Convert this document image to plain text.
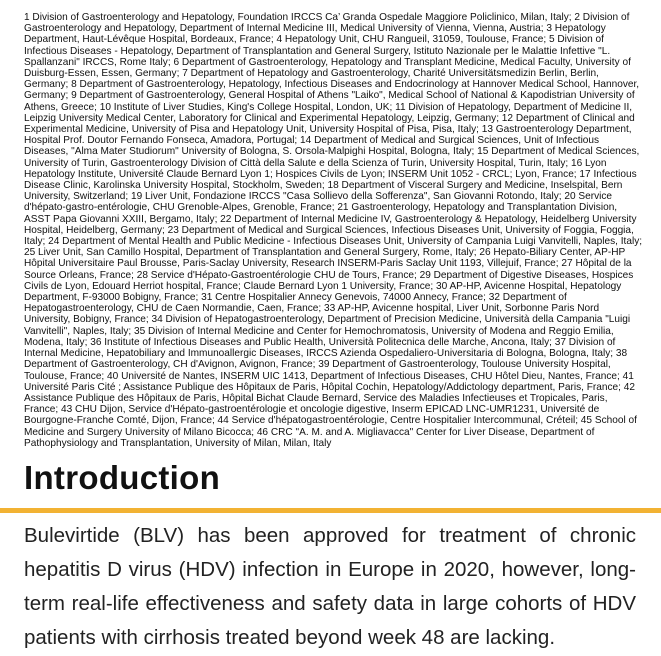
1 Division of Gastroenterology and Hepatology, Foundation IRCCS Ca’ Granda Ospedale Maggiore Policlinico, Milan, Italy; 2 Division of Gastroenterology and Hepatology, Department of Internal Medicine III, Medical University of Vienna, Vienna, Austria; 3 Hepatology Department, Haut-Lévêque Hospital, Bordeaux, France; 4 Hepatology Unit, CHU Rangueil, 31059, Toulouse, France; 5 Division of Infectious Diseases - Hepatology, Department of Transplantation and General Surgery, Istituto Nazionale per le Malattie Infettive "L. Spallanzani" IRCCS, Rome Italy; 6 Department of Gastroenterology, Hepatology and Transplant Medicine, Medical Faculty, University of Duisburg-Essen, Essen, Germany; 7 Department of Hepatology and Gastroenterology, Charité Universitätsmedizin Berlin, Berlin, Germany; 8 Department of Gastroenterology, Hepatology, Infectious Diseases and Endocrinology at Hannover Medical School, Hannover, Germany; 9 Department of Gastroenterology, General Hospital of Athens "Laiko", Medical School of National & Kapodistrian University of Athens, Greece; 10 Institute of Liver Studies, King's College Hospital, London, UK; 11 Division of Hepatology, Department of Medicine II, Leipzig University Medical Center, Laboratory for Clinical and Experimental Hepatology, Leipzig, Germany; 12 Department of Clinical and Experimental Medicine, University of Pisa and Hepatology Unit, University Hospital of Pisa, Pisa, Italy; 13 Gastroenterology Department, Hospital Prof. Doutor Fernando Fonseca, Amadora, Portugal; 14 Department of Medical and Surgical Sciences, Unit of Infectious Diseases, "Alma Mater Studiorum" University of Bologna, S. Orsola-Malpighi Hospital, Bologna, Italy; 15 Department of Medical Sciences, University of Turin, Gastroenterology Division of Città della Salute e della Scienza of Turin, University Hospital, Turin, Italy; 16 Lyon Hepatology Institute, Université Claude Bernard Lyon 1; Hospices Civils de Lyon; INSERM Unit 1052 - CRCL; Lyon, France; 17 Infectious Disease Clinic, Karolinska University Hospital, Stockholm, Sweden; 18 Department of Visceral Surgery and Medicine, Inselspital, Bern University, Switzerland; 19 Liver Unit, Fondazione IRCCS "Casa Sollievo della Sofferenza", San Giovanni Rotondo, Italy; 20 Service d'hépato-gastro-entérologie, CHU Grenoble-Alpes, Grenoble, France; 21 Gastroenterology, Hepatology and Transplantation Division, ASST Papa Giovanni XXIII, Bergamo, Italy; 22 Department of Internal Medicine IV, Gastroenterology & Hepatology, Heidelberg University Hospital, Heidelberg, Germany; 23 Department of Medical and Surgical Sciences, Infectious Diseases Unit, University of Foggia, Foggia, Italy; 24 Department of Mental Health and Public Medicine - Infectious Diseases Unit, University of Campania Luigi Vanvitelli, Naples, Italy; 25 Liver Unit, San Camillo Hospital, Department of Transplantation and General Surgery, Rome, Italy; 26 Hepato-Biliary Center, AP-HP Hôpital Universitaire Paul Brousse, Paris-Saclay University, Research INSERM-Paris Saclay Unit 1193, Villejuif, France; 27 Hôpital de la Source Orleans, France; 28 Service d'Hépato-Gastroentérologie CHU de Tours, France; 29 Department of Digestive Diseases, Hospices Civils de Lyon, Edouard Herriot hospital, France; Claude Bernard Lyon 1 University, France; 30 AP-HP, Avicenne Hospital, Hepatology Department, F-93000 Bobigny, France; 31 Centre Hospitalier Annecy Genevois, 74000 Annecy, France; 32 Department of Hepatogastroenterology, CHU de Caen Normandie, Caen, France; 33 AP-HP, Avicenne hospital, Liver Unit, Sorbonne Paris Nord University, Bobigny, France; 34 Division of Hepatogastroenterology, Department of Precision Medicine, Università della Campania "Luigi Vanvitelli", Naples, Italy; 35 Division of Internal Medicine and Center for Hemochromatosis, University of Modena and Reggio Emilia, Modena, Italy; 36 Institute of Infectious Diseases and Public Health, Università Politecnica delle Marche, Ancona, Italy; 37 Division of Internal Medicine, Hepatobiliary and Immunoallergic Diseases, IRCCS Azienda Ospedaliero-Universitaria di Bologna, Bologna, Italy; 38 Department of Gastroenterology, CH d'Avignon, Avignon, France; 39 Department of Gastroenterology, Toulouse University Hospital, Toulouse, France; 40 Université de Nantes, INSERM UIC 1413, Department of Infectious Diseases, CHU Hôtel Dieu, Nantes, France; 41 Université Paris Cité ; Assistance Publique des Hôpitaux de Paris, Hôpital Cochin, Hepatology/Addictology department, Paris, France; 42 Assistance Publique des Hôpitaux de Paris, Hôpital Bichat Claude Bernard, Service des Maladies Infectieuses et Tropicales, Paris, France; 43 CHU Dijon, Service d'Hépato-gastroentérologie et oncologie digestive, Inserm EPICAD LNC-UMR1231, Université de Bourgogne-Franche Comté, Dijon, France; 44 Service d'hépatogastroentérologie, Centre Hospitalier Intercommunal, Créteil; 45 School of Medicine and Surgery University of Milano Bicocca; 46 CRC "A. M. and A. Migliavacca" Center for Liver Disease, Department of Pathophysiology and Transplantation, University of Milan, Milan, Italy

Introduction

Bulevirtide (BLV) has been approved for treatment of chronic hepatitis D virus (HDV) infection in Europe in 2020, however, long-term real-life effectiveness and safety data in large cohorts of HDV patients with cirrhosis treated beyond week 48 are lacking.
